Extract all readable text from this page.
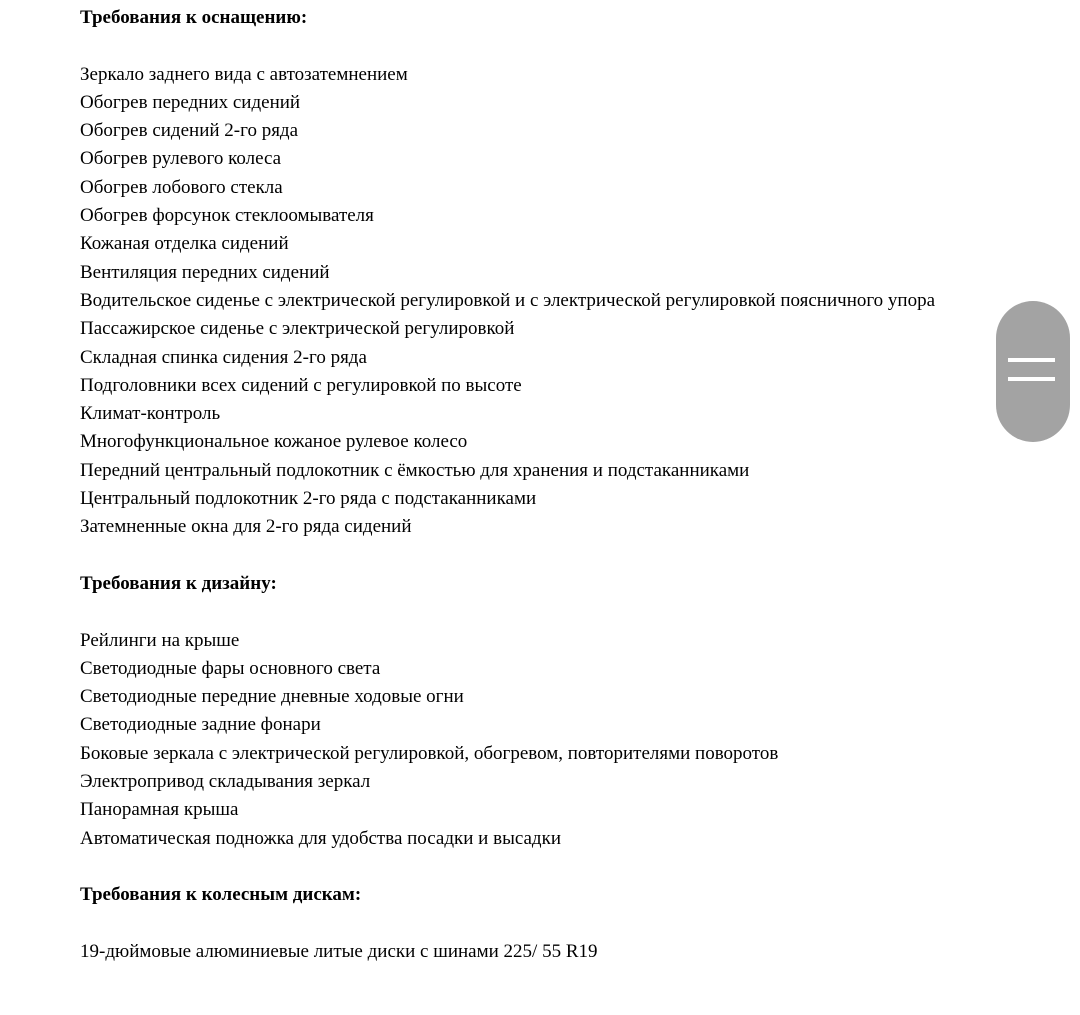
Требования к оснащению:

Зеркало заднего вида с автозатемнением

Обогрев передних сидений

Обогрев сидений 2-го ряда

Обогрев рулевого колеса

Обогрев лобового стекла

Обогрев форсунок стеклоомывателя

Кожаная отделка сидений

Вентиляция передних сидений

Водительское сиденье с электрической регулировкой и с электрической регулировкой поясничного упора

Пассажирское сиденье с электрической регулировкой

Складная спинка сидения 2-го ряда

Подголовники всех сидений с регулировкой по высоте

Климат-контроль

Многофункциональное кожаное рулевое колесо

Передний центральный подлокотник с ёмкостью для хранения и подстаканниками

Центральный подлокотник 2-го ряда с подстаканниками

Затемненные окна для 2-го ряда сидений

Требования к дизайну:

Рейлинги на крыше

Светодиодные фары основного света

Светодиодные передние дневные ходовые огни

Светодиодные задние фонари

Боковые зеркала с электрической регулировкой, обогревом, повторителями поворотов

Электропривод складывания зеркал

Панорамная крыша

Автоматическая подножка для удобства посадки и высадки

Требования к колесным дискам:

19-дюймовые алюминиевые литые диски с шинами 225/ 55 R19
